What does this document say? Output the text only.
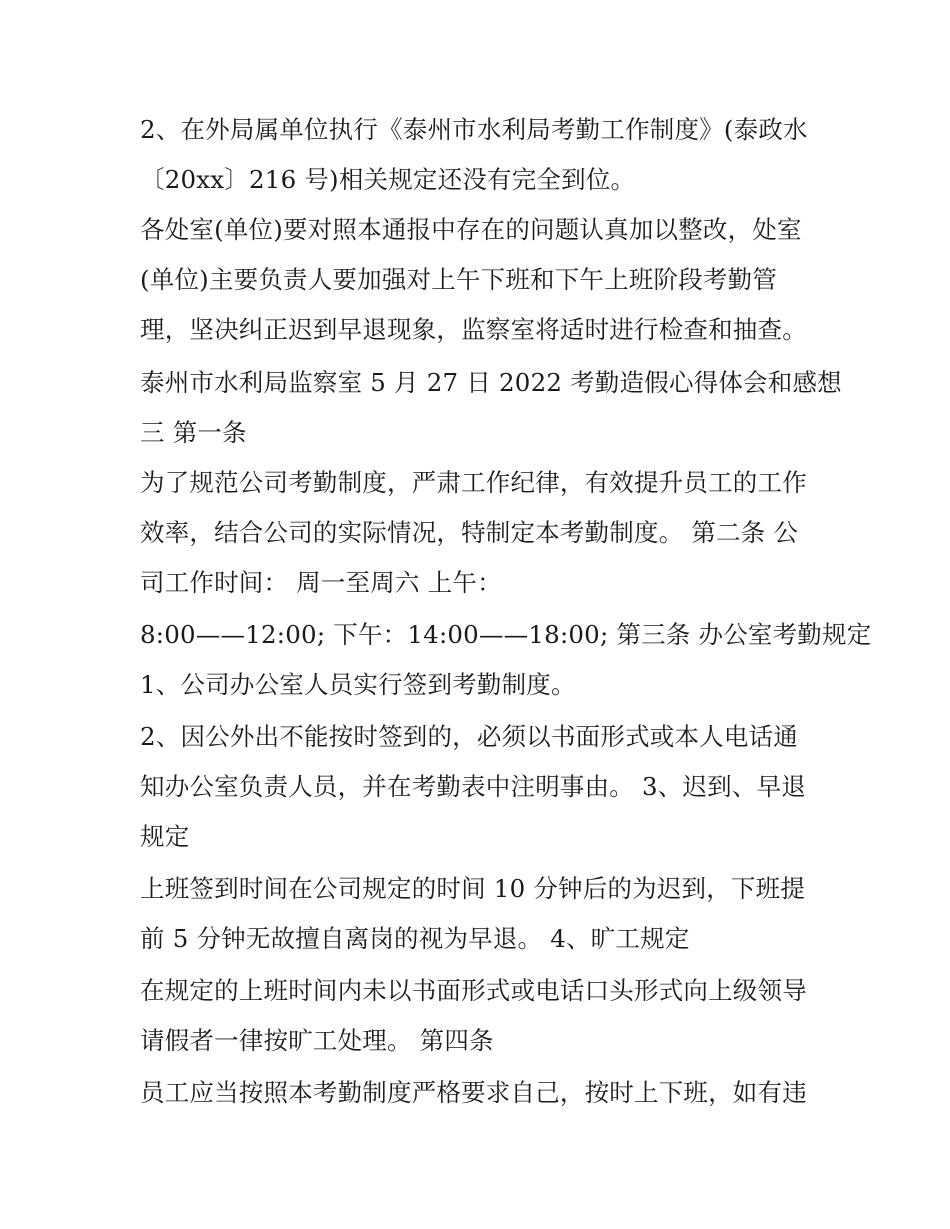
2、在外局属单位执行《泰州市水利局考勤工作制度》(泰政水
〔20xx〕216 号)相关规定还没有完全到位。
各处室(单位)要对照本通报中存在的问题认真加以整改，处室
(单位)主要负责人要加强对上午下班和下午上班阶段考勤管
理，坚决纠正迟到早退现象，监察室将适时进行检查和抽查。
泰州市水利局监察室 5 月 27 日 2022 考勤造假心得体会和感想
三 第一条
为了规范公司考勤制度，严肃工作纪律，有效提升员工的工作
效率，结合公司的实际情况，特制定本考勤制度。 第二条 公
司工作时间： 周一至周六 上午：
8:00——12:00; 下午：14:00——18:00; 第三条 办公室考勤规定
1、公司办公室人员实行签到考勤制度。
2、因公外出不能按时签到的，必须以书面形式或本人电话通
知办公室负责人员，并在考勤表中注明事由。 3、迟到、早退
规定
上班签到时间在公司规定的时间 10 分钟后的为迟到，下班提
前 5 分钟无故擅自离岗的视为早退。 4、旷工规定
在规定的上班时间内未以书面形式或电话口头形式向上级领导
请假者一律按旷工处理。 第四条
员工应当按照本考勤制度严格要求自己，按时上下班，如有违
